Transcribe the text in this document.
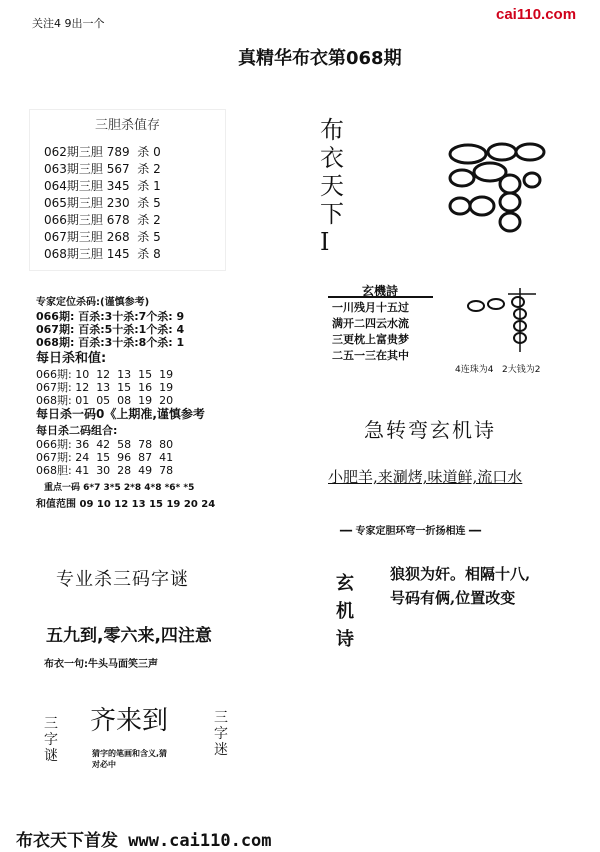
关注4 9出一个
cai110.com
真精华布衣第068期
三胆杀值存
062期三胆 789  杀 0
063期三胆 567  杀 2
064期三胆 345  杀 1
065期三胆 230  杀 5
066期三胆 678  杀 2
067期三胆 268  杀 5
068期三胆 145  杀 8
布
衣
天
下
Ⅰ
专家定位杀码:(谨慎参考)
066期: 百杀:3十杀:7个杀: 9
067期: 百杀:5十杀:1个杀: 4
068期: 百杀:3十杀:8个杀: 1
每日杀和值:
066期: 10  12  13  15  19
067期: 12  13  15  16  19
068期: 01  05  08  19  20
每日杀一码0《上期准,谨慎参考
每日杀二码组合:
066期: 36  42  58  78  80
067期: 24  15  96  87  41
068胆: 41  30  28  49  78
重点一码 6*7 3*5 2*8 4*8 *6* *5
和值范围 09 10 12 13 15 19 20 24
玄機詩
一川残月十五过
满开二四云水流
三更枕上富贵梦
二五一三在其中
4连珠为4   2大钱为2
急转弯玄机诗
小肥羊,来涮烤,味道鲜,流口水
━━ 专家定胆环穹一折扬相连 ━━
玄
机
诗
狼狈为奸。相隔十八,
号码有俩,位置改变
专业杀三码字谜
五九到,零六来,四注意
布衣一句:牛头马面笑三声
三
字
谜
齐来到
猜字的笔画和含义,猜
对必中
三
字
迷
布衣天下首发 www.cai110.com
